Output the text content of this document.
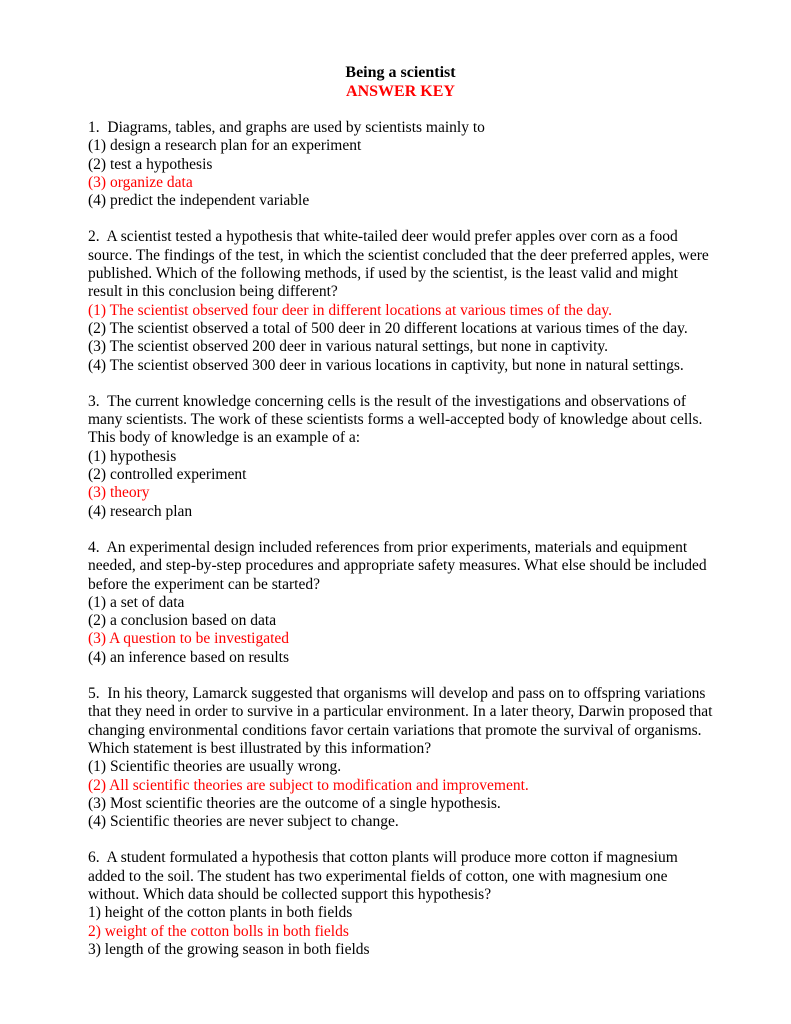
Being a scientist
ANSWER KEY

1.  Diagrams, tables, and graphs are used by scientists mainly to

(1) design a research plan for an experiment

(2) test a hypothesis

(3) organize data

(4) predict the independent variable

2.  A scientist tested a hypothesis that white-tailed deer would prefer apples over corn as a food source. The findings of the test, in which the scientist concluded that the deer preferred apples, were published. Which of the following methods, if used by the scientist, is the least valid and might result in this conclusion being different?

(1) The scientist observed four deer in different locations at various times of the day.

(2) The scientist observed a total of 500 deer in 20 different locations at various times of the day.

(3) The scientist observed 200 deer in various natural settings, but none in captivity.

(4) The scientist observed 300 deer in various locations in captivity, but none in natural settings.

3.  The current knowledge concerning cells is the result of the investigations and observations of many scientists. The work of these scientists forms a well-accepted body of knowledge about cells. This body of knowledge is an example of a:

(1) hypothesis

(2) controlled experiment

(3) theory

(4) research plan

4.  An experimental design included references from prior experiments, materials and equipment needed, and step-by-step procedures and appropriate safety measures. What else should be included before the experiment can be started?

(1) a set of data

(2) a conclusion based on data

(3) A question to be investigated

(4) an inference based on results

5.  In his theory, Lamarck suggested that organisms will develop and pass on to offspring variations that they need in order to survive in a particular environment. In a later theory, Darwin proposed that changing environmental conditions favor certain variations that promote the survival of organisms. Which statement is best illustrated by this information?

(1) Scientific theories are usually wrong.

(2) All scientific theories are subject to modification and improvement.

(3) Most scientific theories are the outcome of a single hypothesis.

(4) Scientific theories are never subject to change.

6.  A student formulated a hypothesis that cotton plants will produce more cotton if magnesium added to the soil. The student has two experimental fields of cotton, one with magnesium one without. Which data should be collected support this hypothesis?

1) height of the cotton plants in both fields

2) weight of the cotton bolls in both fields

3) length of the growing season in both fields
